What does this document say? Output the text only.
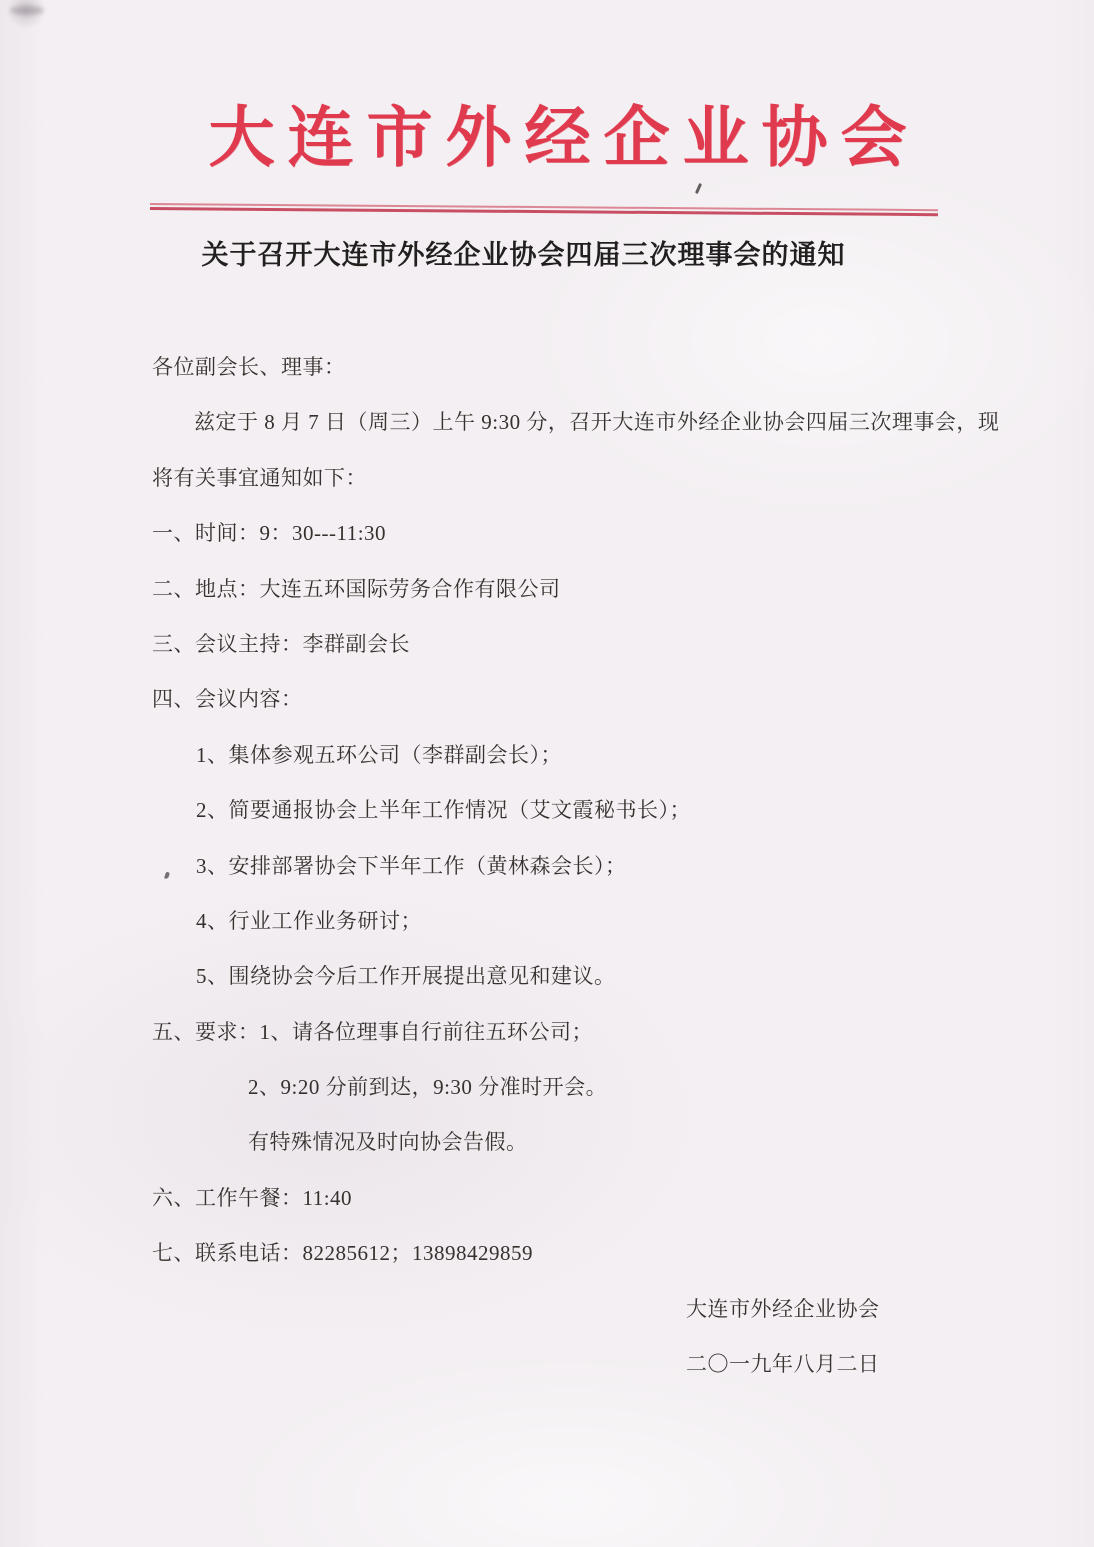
大连市外经企业协会
关于召开大连市外经企业协会四届三次理事会的通知
各位副会长、理事：
兹定于 8 月 7 日（周三）上午 9:30 分，召开大连市外经企业协会四届三次理事会，现
将有关事宜通知如下：
一、时间：9：30---11:30
二、地点：大连五环国际劳务合作有限公司
三、会议主持：李群副会长
四、会议内容：
1、集体参观五环公司（李群副会长）；
2、简要通报协会上半年工作情况（艾文霞秘书长）；
3、安排部署协会下半年工作（黄林森会长）；
4、行业工作业务研讨；
5、围绕协会今后工作开展提出意见和建议。
五、要求：1、请各位理事自行前往五环公司；
2、9:20 分前到达，9:30 分准时开会。
有特殊情况及时向协会告假。
六、工作午餐：11:40
七、联系电话：82285612；13898429859
大连市外经企业协会
二〇一九年八月二日
